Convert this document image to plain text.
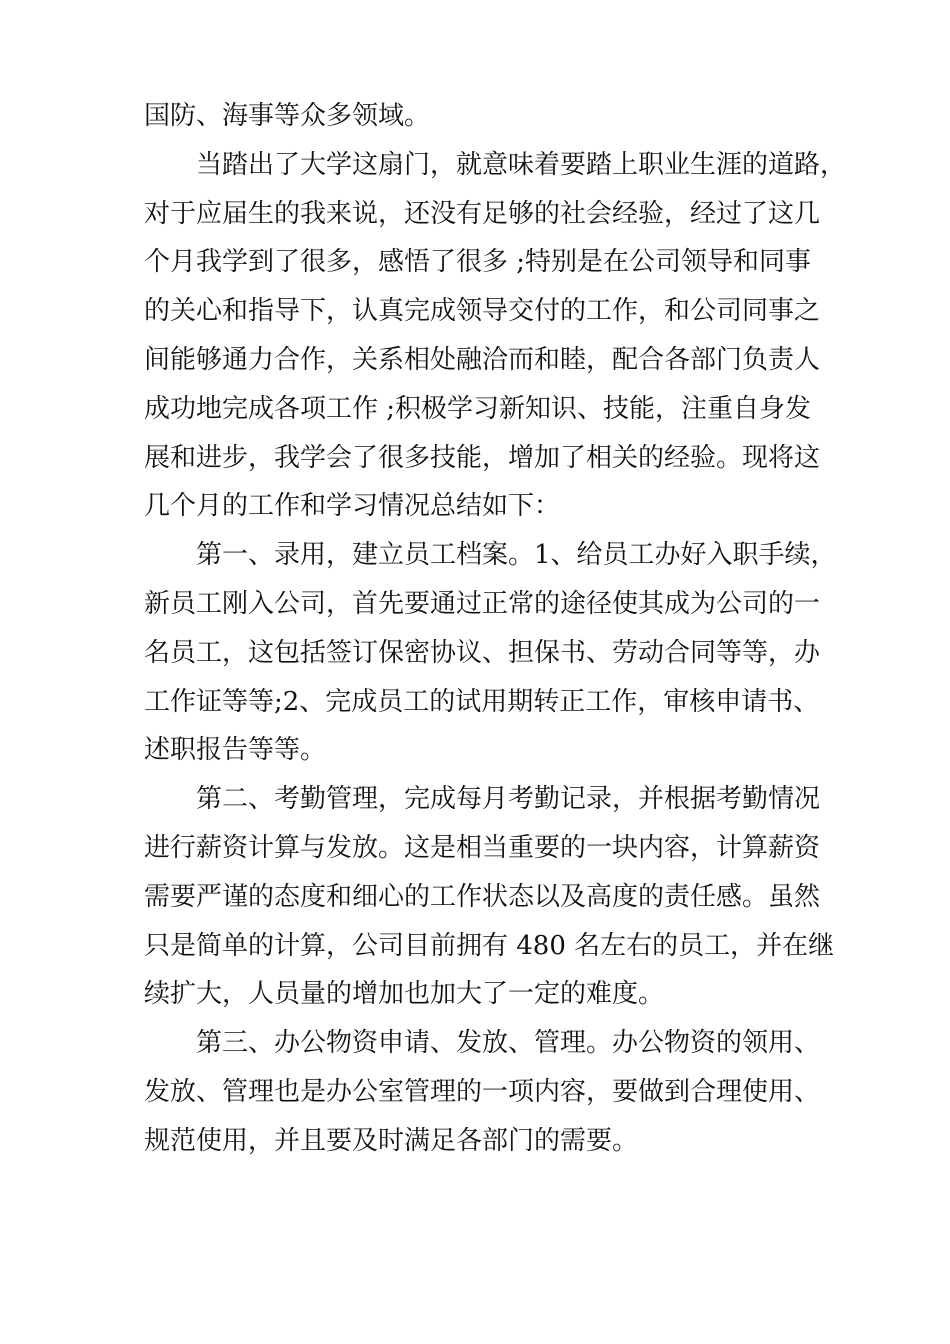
国防、海事等众多领域。

当踏出了大学这扇门，就意味着要踏上职业生涯的道路，

对于应届生的我来说，还没有足够的社会经验，经过了这几

个月我学到了很多，感悟了很多 ;特别是在公司领导和同事

的关心和指导下，认真完成领导交付的工作，和公司同事之

间能够通力合作，关系相处融洽而和睦，配合各部门负责人

成功地完成各项工作 ;积极学习新知识、技能，注重自身发

展和进步，我学会了很多技能，增加了相关的经验。现将这

几个月的工作和学习情况总结如下：

第一、录用，建立员工档案。1、给员工办好入职手续，

新员工刚入公司，首先要通过正常的途径使其成为公司的一

名员工，这包括签订保密协议、担保书、劳动合同等等，办

工作证等等;2、完成员工的试用期转正工作，审核申请书、

述职报告等等。

第二、考勤管理，完成每月考勤记录，并根据考勤情况

进行薪资计算与发放。这是相当重要的一块内容，计算薪资

需要严谨的态度和细心的工作状态以及高度的责任感。虽然

只是简单的计算，公司目前拥有 480 名左右的员工，并在继

续扩大，人员量的增加也加大了一定的难度。

第三、办公物资申请、发放、管理。办公物资的领用、

发放、管理也是办公室管理的一项内容，要做到合理使用、

规范使用，并且要及时满足各部门的需要。
